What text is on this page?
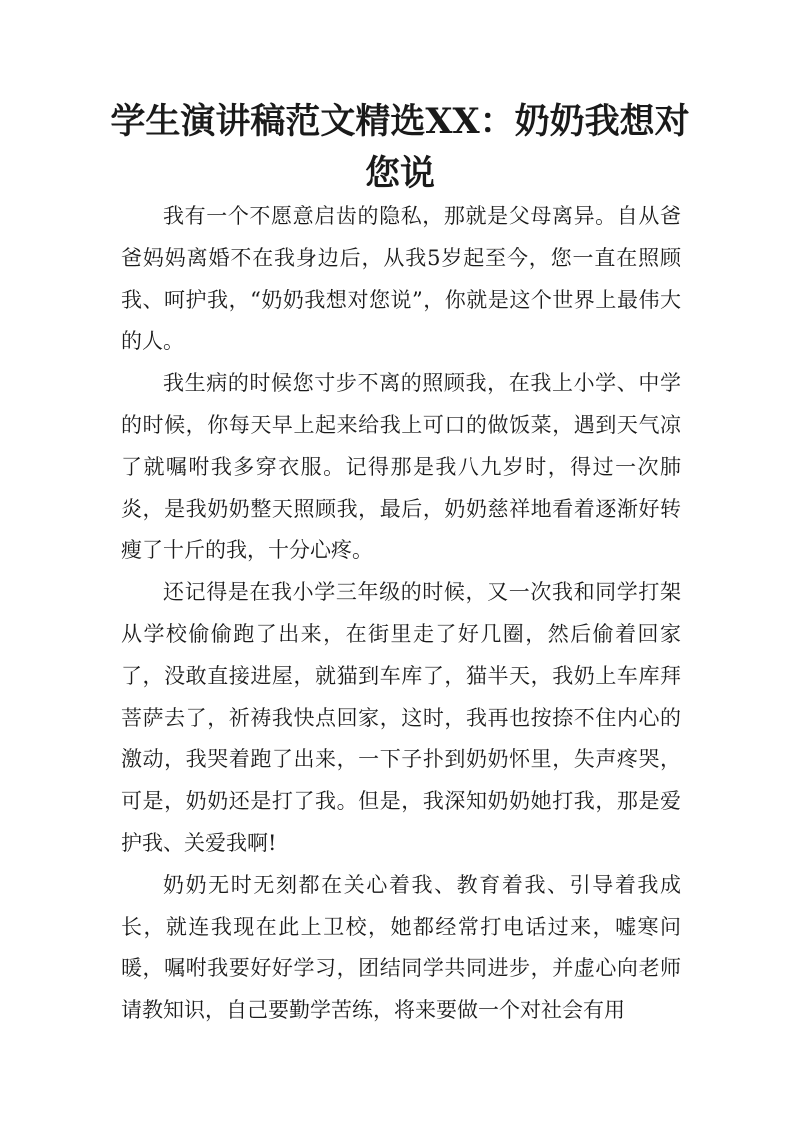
学生演讲稿范文精选XX：奶奶我想对您说

我有一个不愿意启齿的隐私，那就是父母离异。自从爸爸妈妈离婚不在我身边后，从我5岁起至今，您一直在照顾我、呵护我，“奶奶我想对您说”，你就是这个世界上最伟大的人。

我生病的时候您寸步不离的照顾我，在我上小学、中学的时候，你每天早上起来给我上可口的做饭菜，遇到天气凉了就嘱咐我多穿衣服。记得那是我八九岁时，得过一次肺炎，是我奶奶整天照顾我，最后，奶奶慈祥地看着逐渐好转瘦了十斤的我，十分心疼。

还记得是在我小学三年级的时候，又一次我和同学打架从学校偷偷跑了出来，在街里走了好几圈，然后偷着回家了，没敢直接进屋，就猫到车库了，猫半天，我奶上车库拜菩萨去了，祈祷我快点回家，这时，我再也按捺不住内心的激动，我哭着跑了出来，一下子扑到奶奶怀里，失声疼哭，可是，奶奶还是打了我。但是，我深知奶奶她打我，那是爱护我、关爱我啊!

奶奶无时无刻都在关心着我、教育着我、引导着我成长，就连我现在此上卫校，她都经常打电话过来，嘘寒问暖，嘱咐我要好好学习，团结同学共同进步，并虚心向老师请教知识，自己要勤学苦练，将来要做一个对社会有用
